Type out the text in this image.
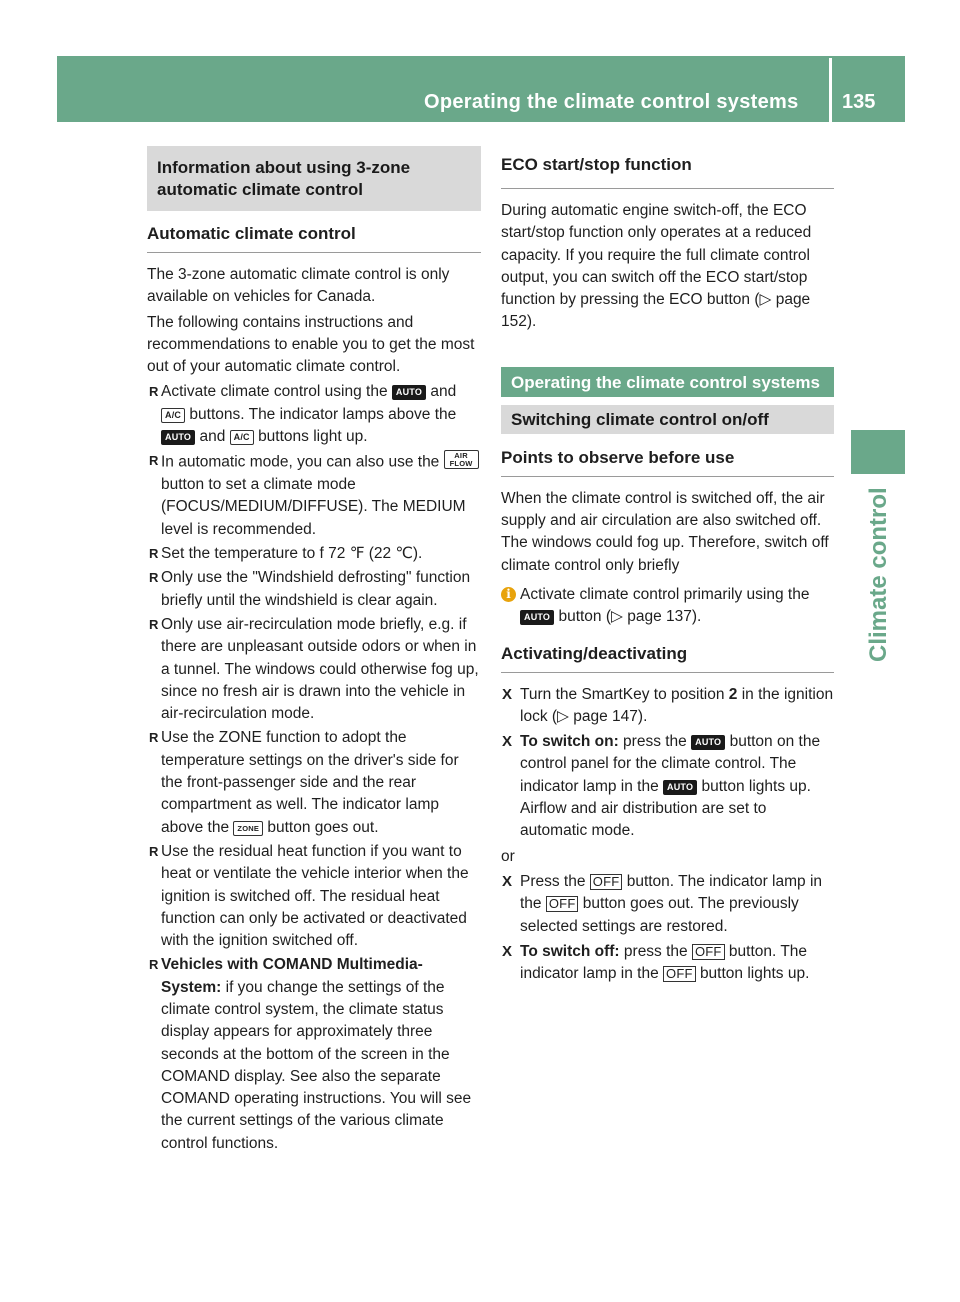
Operating the climate control systems 135
Climate control
Information about using 3-zone automatic climate control
Automatic climate control

The 3-zone automatic climate control is only available on vehicles for Canada.

The following contains instructions and recommendations to enable you to get the most out of your automatic climate control.

R Activate climate control using the AUTO and A/C buttons. The indicator lamps above the AUTO and A/C buttons light up.
R In automatic mode, you can also use the AIR
FLOW button to set a climate mode (FOCUS/MEDIUM/DIFFUSE). The MEDIUM level is recommended.
R Set the temperature to f 72 ℉ (22 ℃).
R Only use the "Windshield defrosting" function briefly until the windshield is clear again.
R Only use air-recirculation mode briefly, e.g. if there are unpleasant outside odors or when in a tunnel. The windows could otherwise fog up, since no fresh air is drawn into the vehicle in air-recirculation mode.
R Use the ZONE function to adopt the temperature settings on the driver's side for the front-passenger side and the rear compartment as well. The indicator lamp above the ZONE button goes out.
R Use the residual heat function if you want to heat or ventilate the vehicle interior when the ignition is switched off. The residual heat function can only be activated or deactivated with the ignition switched off.
R Vehicles with COMAND Multimedia-System: if you change the settings of the climate control system, the climate status display appears for approximately three seconds at the bottom of the screen in the COMAND display. See also the separate COMAND operating instructions. You will see the current settings of the various climate control functions.
ECO start/stop function

During automatic engine switch-off, the ECO start/stop function only operates at a reduced capacity. If you require the full climate control output, you can switch off the ECO start/stop function by pressing the ECO button (▷ page 152).

Operating the climate control systems
Switching climate control on/off
Points to observe before use

When the climate control is switched off, the air supply and air circulation are also switched off. The windows could fog up. Therefore, switch off climate control only briefly

i Activate climate control primarily using the AUTO button (▷ page 137).
Activating/deactivating
X Turn the SmartKey to position 2 in the ignition lock (▷ page 147).
X To switch on: press the AUTO button on the control panel for the climate control. The indicator lamp in the AUTO button lights up. Airflow and air distribution are set to automatic mode.

or

X Press the OFF button. The indicator lamp in the OFF button goes out. The previously selected settings are restored.
X To switch off: press the OFF button. The indicator lamp in the OFF button lights up.
